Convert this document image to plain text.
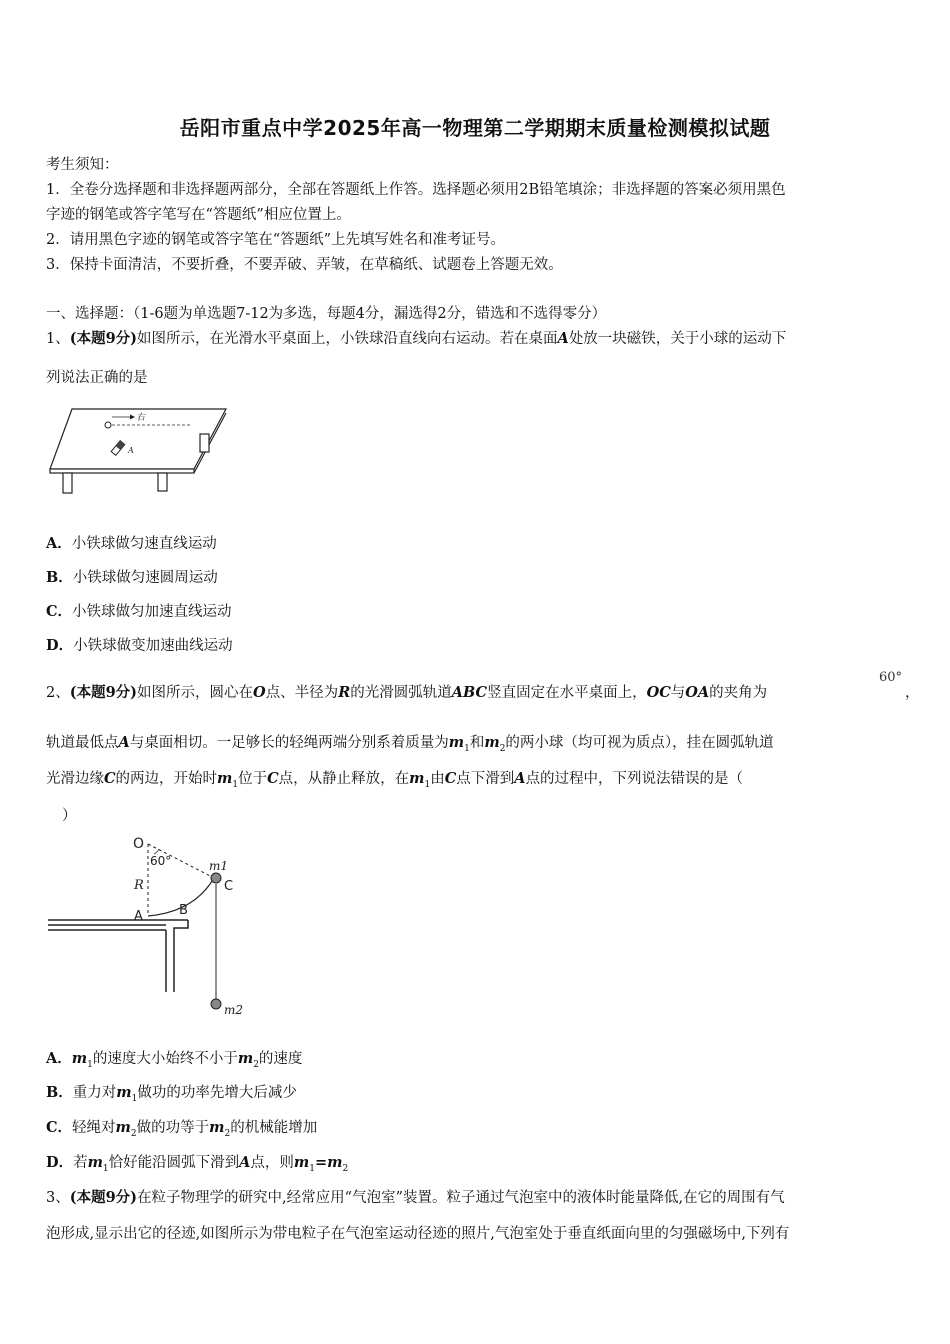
岳阳市重点中学2025年高一物理第二学期期末质量检测模拟试题
考生须知：
1．全卷分选择题和非选择题两部分，全部在答题纸上作答。选择题必须用2B铅笔填涂；非选择题的答案必须用黑色
字迹的钢笔或答字笔写在“答题纸”相应位置上。
2．请用黑色字迹的钢笔或答字笔在“答题纸”上先填写姓名和准考证号。
3．保持卡面清洁，不要折叠，不要弄破、弄皱，在草稿纸、试题卷上答题无效。
一、选择题：（1-6题为单选题7-12为多选，每题4分，漏选得2分，错选和不选得零分）
1、(本题9分)如图所示，在光滑水平桌面上，小铁球沿直线向右运动。若在桌面A处放一块磁铁，关于小球的运动下
列说法正确的是
右
A
A．小铁球做匀速直线运动
B．小铁球做匀速圆周运动
C．小铁球做匀加速直线运动
D．小铁球做变加速曲线运动
2、(本题9分)如图所示，圆心在O点、半径为R的光滑圆弧轨道ABC竖直固定在水平桌面上，OC与OA的夹角为
60°
，
轨道最低点A与桌面相切。一足够长的轻绳两端分别系着质量为$m_1$和$m_2$的两小球（均可视为质点），挂在圆弧轨道
光滑边缘C的两边，开始时$m_1$位于C点，从静止释放，在$m_1$由C点下滑到A点的过程中，下列说法错误的是（
）
O
60°
R
A	B
C
m1
m2
A．$m_1$的速度大小始终不小于$m_2$的速度
B．重力对$m_1$做功的功率先增大后减少
C．轻绳对$m_2$做的功等于$m_2$的机械能增加
D．若$m_1$恰好能沿圆弧下滑到A点，则$m_1=m_2$
3、(本题9分)在粒子物理学的研究中,经常应用“气泡室”装置。粒子通过气泡室中的液体时能量降低,在它的周围有气
泡形成,显示出它的径迹,如图所示为带电粒子在气泡室运动径迹的照片,气泡室处于垂直纸面向里的匀强磁场中,下列有
